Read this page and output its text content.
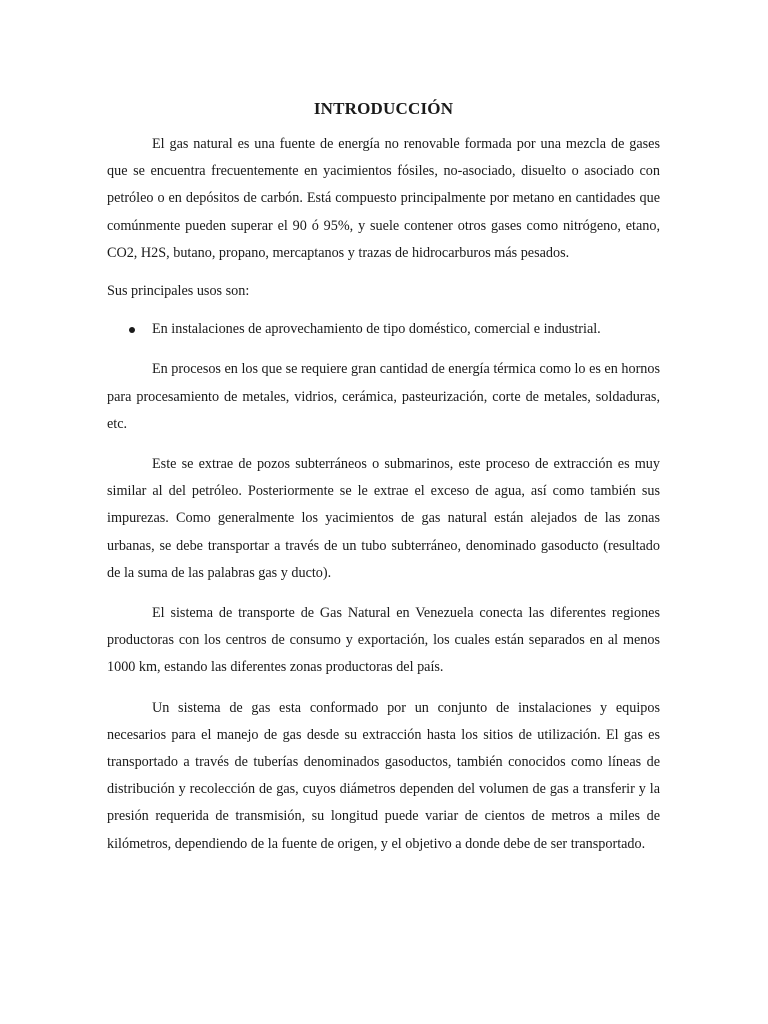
INTRODUCCIÓN

El gas natural es una fuente de energía no renovable formada por una mezcla de gases que se encuentra frecuentemente en yacimientos fósiles, no-asociado, disuelto o asociado con petróleo o en depósitos de carbón. Está compuesto principalmente por metano en cantidades que comúnmente pueden superar el 90 ó 95%, y suele contener otros gases como nitrógeno, etano, CO2, H2S, butano, propano, mercaptanos y trazas de hidrocarburos más pesados.

Sus principales usos son:

En instalaciones de aprovechamiento de tipo doméstico, comercial e industrial.

En procesos en los que se requiere gran cantidad de energía térmica como lo es en hornos para procesamiento de metales, vidrios, cerámica, pasteurización, corte de metales, soldaduras, etc.

Este se extrae de pozos subterráneos o submarinos, este proceso de extracción es muy similar al del petróleo. Posteriormente se le extrae el exceso de agua, así como también sus impurezas. Como generalmente los yacimientos de gas natural están alejados de las zonas urbanas, se debe transportar a través de un tubo subterráneo, denominado gasoducto (resultado de la suma de las palabras gas y ducto).

El sistema de transporte de Gas Natural en Venezuela conecta las diferentes regiones productoras con los centros de consumo y exportación, los cuales están separados en al menos 1000 km, estando las diferentes zonas productoras del país.

Un sistema de gas esta conformado por un conjunto de instalaciones y equipos necesarios para el manejo de gas desde su extracción hasta los sitios de utilización. El gas es transportado a través de tuberías denominados gasoductos, también conocidos como líneas de distribución y recolección de gas, cuyos diámetros dependen del volumen de gas a transferir y la presión requerida de transmisión, su longitud puede variar de cientos de metros a miles de kilómetros, dependiendo de la fuente de origen, y el objetivo a donde debe de ser transportado.
